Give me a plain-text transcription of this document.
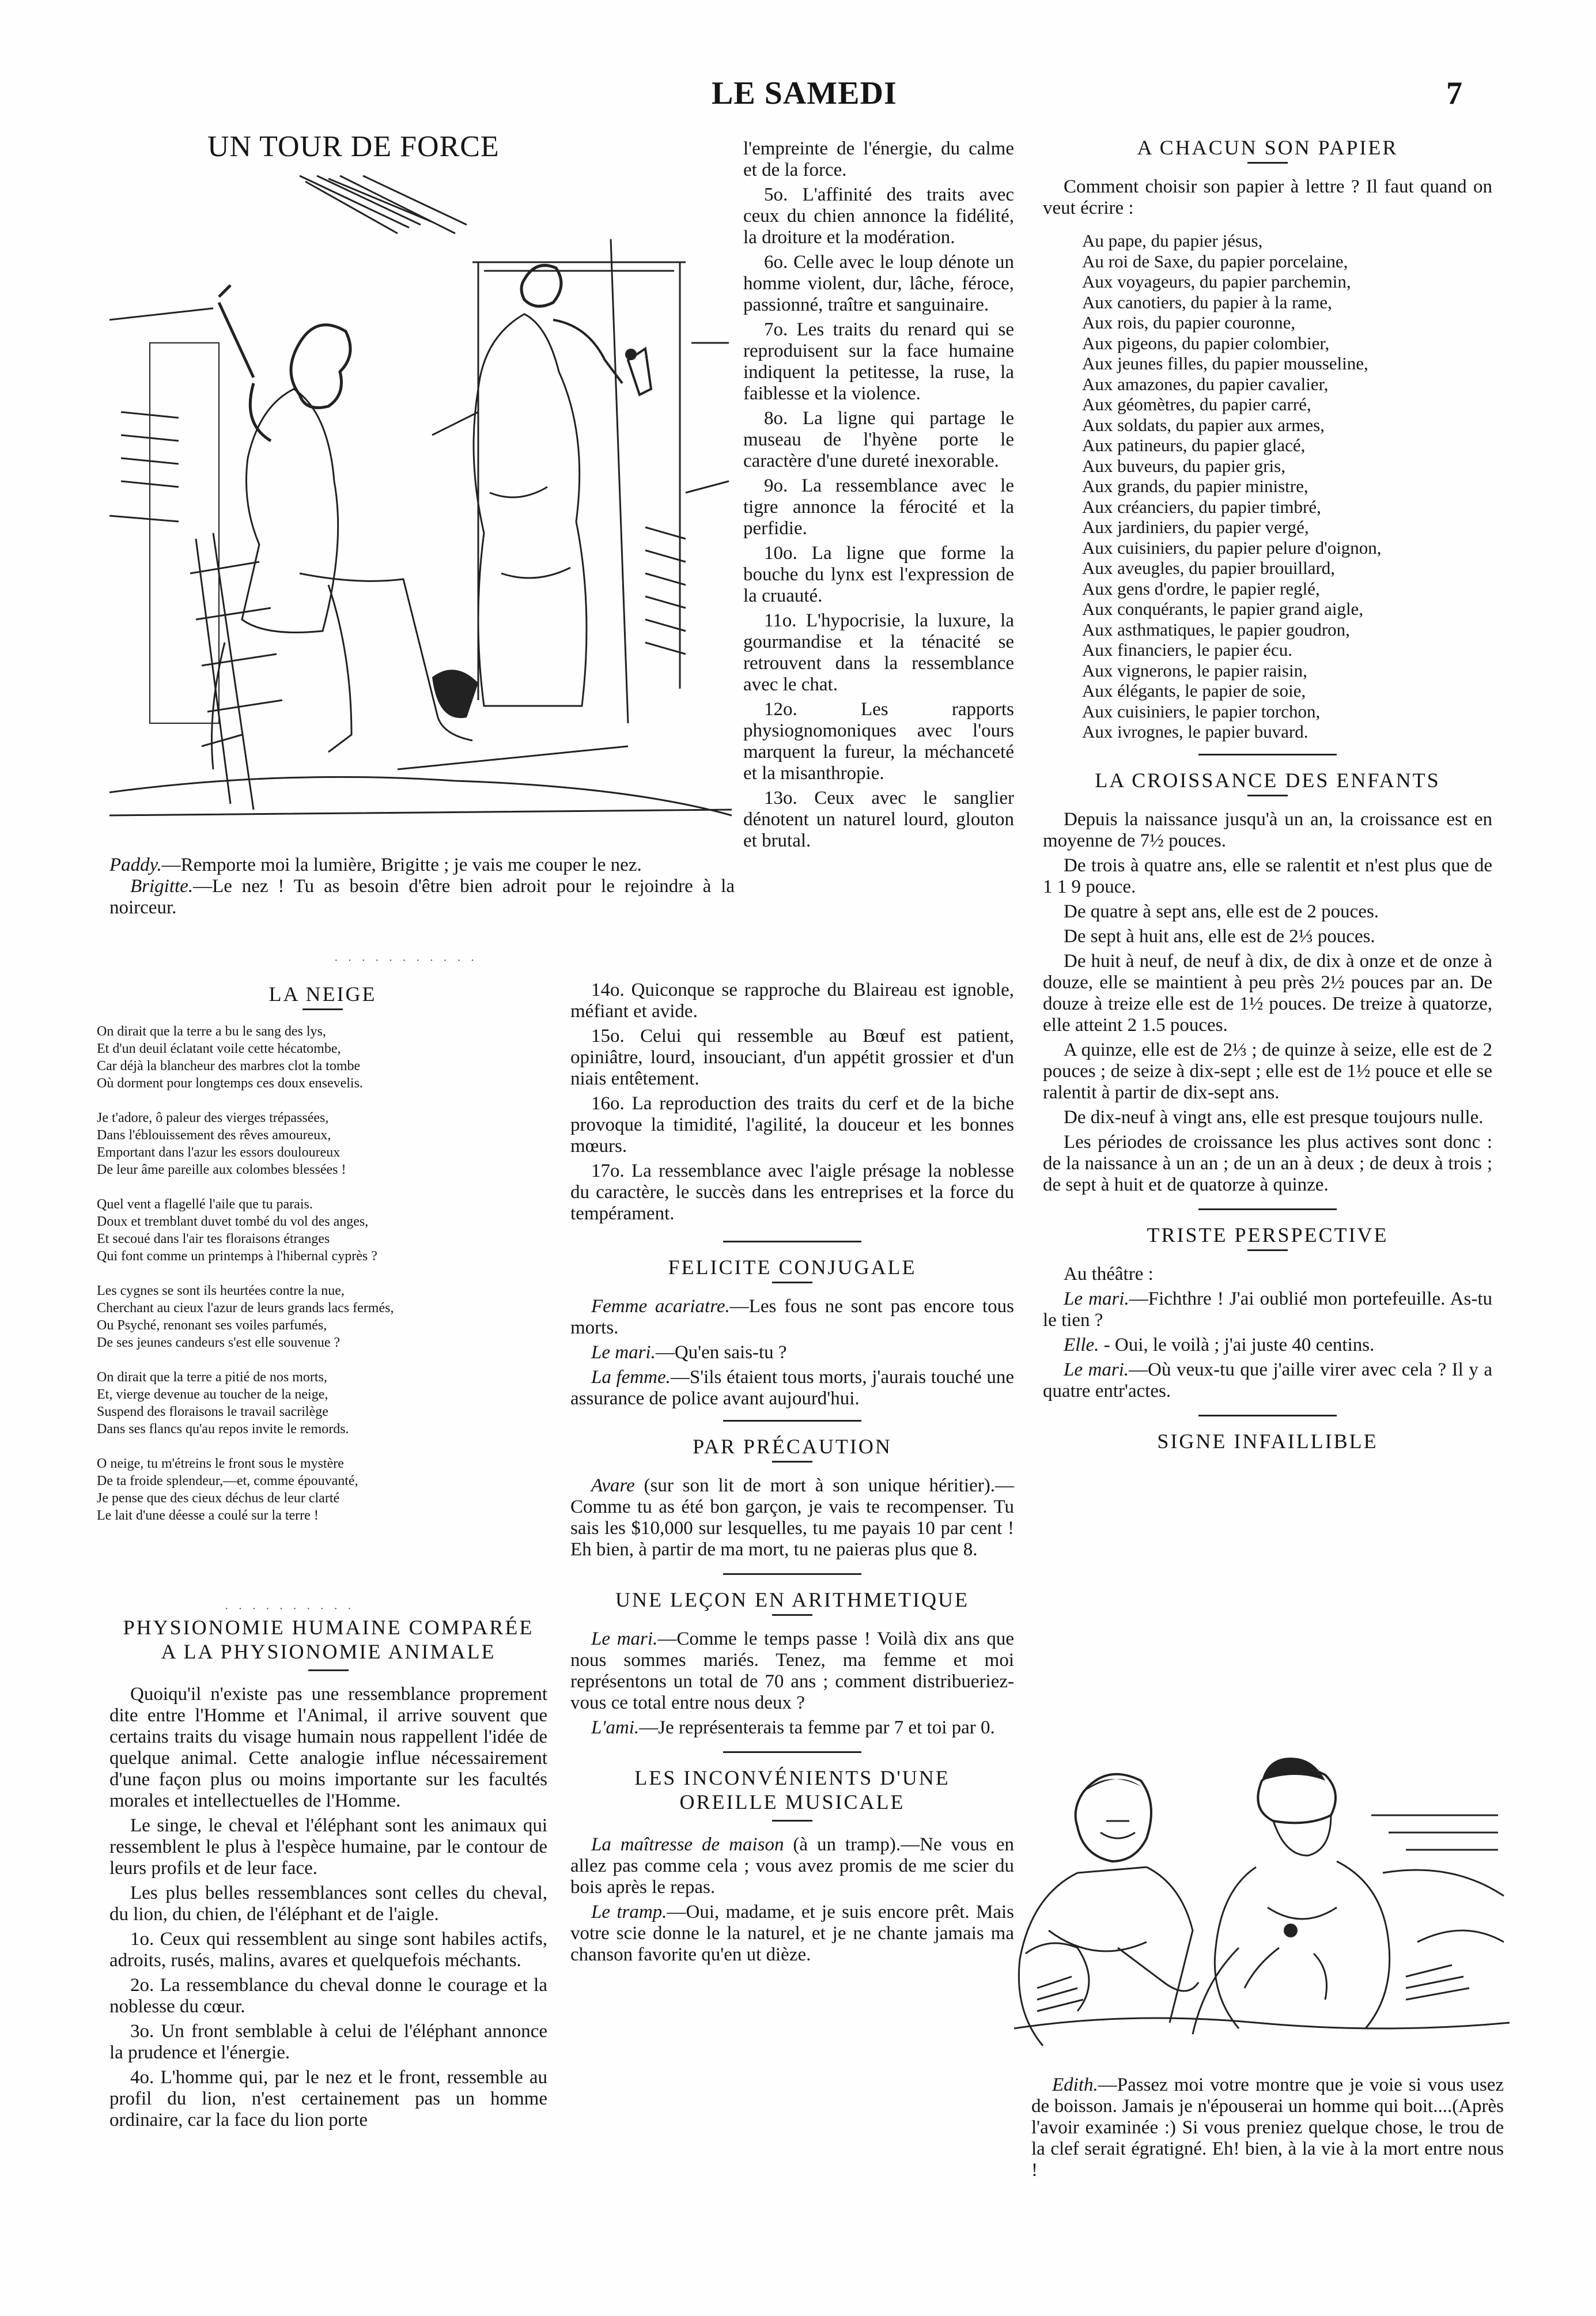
LE SAMEDI	7
UN TOUR DE FORCE

Paddy.—Remporte moi la lumière, Brigitte ; je vais me couper le nez.

Brigitte.—Le nez ! Tu as besoin d'être bien adroit pour le rejoindre à la noirceur.

· · · · · · · · · · ·
LA NEIGE
On dirait que la terre a bu le sang des lys,
Et d'un deuil éclatant voile cette hécatombe,
Car déjà la blancheur des marbres clot la tombe
Où dorment pour longtemps ces doux ensevelis.
Je t'adore, ô paleur des vierges trépassées,
Dans l'éblouissement des rêves amoureux,
Emportant dans l'azur les essors douloureux
De leur âme pareille aux colombes blessées !
Quel vent a flagellé l'aile que tu parais.
Doux et tremblant duvet tombé du vol des anges,
Et secoué dans l'air tes floraisons étranges
Qui font comme un printemps à l'hibernal cyprès ?
Les cygnes se sont ils heurtées contre la nue,
Cherchant au cieux l'azur de leurs grands lacs fermés,
Ou Psyché, renonant ses voiles parfumés,
De ses jeunes candeurs s'est elle souvenue ?
On dirait que la terre a pitié de nos morts,
Et, vierge devenue au toucher de la neige,
Suspend des floraisons le travail sacrilège
Dans ses flancs qu'au repos invite le remords.
O neige, tu m'étreins le front sous le mystère
De ta froide splendeur,—et, comme épouvanté,
Je pense que des cieux déchus de leur clarté
Le lait d'une déesse a coulé sur la terre !
· · · · · · · · · ·
PHYSIONOMIE HUMAINE COMPARÉE
A LA PHYSIONOMIE ANIMALE

Quoiqu'il n'existe pas une ressemblance proprement dite entre l'Homme et l'Animal, il arrive souvent que certains traits du visage humain nous rappellent l'idée de quelque animal. Cette analogie influe nécessairement d'une façon plus ou moins importante sur les facultés morales et intellectuelles de l'Homme.

Le singe, le cheval et l'éléphant sont les animaux qui ressemblent le plus à l'espèce humaine, par le contour de leurs profils et de leur face.

Les plus belles ressemblances sont celles du cheval, du lion, du chien, de l'éléphant et de l'aigle.

1o. Ceux qui ressemblent au singe sont habiles actifs, adroits, rusés, malins, avares et quelquefois méchants.

2o. La ressemblance du cheval donne le courage et la noblesse du cœur.

3o. Un front semblable à celui de l'éléphant annonce la prudence et l'énergie.

4o. L'homme qui, par le nez et le front, ressemble au profil du lion, n'est certainement pas un homme ordinaire, car la face du lion porte

l'empreinte de l'énergie, du calme et de la force.

5o. L'affinité des traits avec ceux du chien annonce la fidélité, la droiture et la modération.

6o. Celle avec le loup dénote un homme violent, dur, lâche, féroce, passionné, traître et sanguinaire.

7o. Les traits du renard qui se reproduisent sur la face humaine indiquent la petitesse, la ruse, la faiblesse et la violence.

8o. La ligne qui partage le museau de l'hyène porte le caractère d'une dureté inexorable.

9o. La ressemblance avec le tigre annonce la férocité et la perfidie.

10o. La ligne que forme la bouche du lynx est l'expression de la cruauté.

11o. L'hypocrisie, la luxure, la gourmandise et la ténacité se retrouvent dans la ressemblance avec le chat.

12o. Les rapports physiognomoniques avec l'ours marquent la fureur, la méchanceté et la misanthropie.

13o. Ceux avec le sanglier dénotent un naturel lourd, glouton et brutal.

14o. Quiconque se rapproche du Blaireau est ignoble, méfiant et avide.

15o. Celui qui ressemble au Bœuf est patient, opiniâtre, lourd, insouciant, d'un appétit grossier et d'un niais entêtement.

16o. La reproduction des traits du cerf et de la biche provoque la timidité, l'agilité, la douceur et les bonnes mœurs.

17o. La ressemblance avec l'aigle présage la noblesse du caractère, le succès dans les entreprises et la force du tempérament.

FELICITE CONJUGALE

Femme acariatre.—Les fous ne sont pas encore tous morts.

Le mari.—Qu'en sais-tu ?

La femme.—S'ils étaient tous morts, j'aurais touché une assurance de police avant aujourd'hui.

PAR PRÉCAUTION

Avare (sur son lit de mort à son unique héritier).—Comme tu as été bon garçon, je vais te recompenser. Tu sais les $10,000 sur lesquelles, tu me payais 10 par cent ! Eh bien, à partir de ma mort, tu ne paieras plus que 8.

UNE LEÇON EN ARITHMETIQUE

Le mari.—Comme le temps passe ! Voilà dix ans que nous sommes mariés. Tenez, ma femme et moi représentons un total de 70 ans ; comment distribueriez-vous ce total entre nous deux ?

L'ami.—Je représenterais ta femme par 7 et toi par 0.

LES INCONVÉNIENTS D'UNE
OREILLE MUSICALE

La maîtresse de maison (à un tramp).—Ne vous en allez pas comme cela ; vous avez promis de me scier du bois après le repas.

Le tramp.—Oui, madame, et je suis encore prêt. Mais votre scie donne le la naturel, et je ne chante jamais ma chanson favorite qu'en ut dièze.

A CHACUN SON PAPIER

Comment choisir son papier à lettre ? Il faut quand on veut écrire :

Au pape, du papier jésus,
Au roi de Saxe, du papier porcelaine,
Aux voyageurs, du papier parchemin,
Aux canotiers, du papier à la rame,
Aux rois, du papier couronne,
Aux pigeons, du papier colombier,
Aux jeunes filles, du papier mousseline,
Aux amazones, du papier cavalier,
Aux géomètres, du papier carré,
Aux soldats, du papier aux armes,
Aux patineurs, du papier glacé,
Aux buveurs, du papier gris,
Aux grands, du papier ministre,
Aux créanciers, du papier timbré,
Aux jardiniers, du papier vergé,
Aux cuisiniers, du papier pelure d'oignon,
Aux aveugles, du papier brouillard,
Aux gens d'ordre, le papier reglé,
Aux conquérants, le papier grand aigle,
Aux asthmatiques, le papier goudron,
Aux financiers, le papier écu.
Aux vignerons, le papier raisin,
Aux élégants, le papier de soie,
Aux cuisiniers, le papier torchon,
Aux ivrognes, le papier buvard.
LA CROISSANCE DES ENFANTS

Depuis la naissance jusqu'à un an, la croissance est en moyenne de 7½ pouces.

De trois à quatre ans, elle se ralentit et n'est plus que de 1 1 9 pouce.

De quatre à sept ans, elle est de 2 pouces.

De sept à huit ans, elle est de 2⅓ pouces.

De huit à neuf, de neuf à dix, de dix à onze et de onze à douze, elle se maintient à peu près 2½ pouces par an. De douze à treize elle est de 1½ pouces. De treize à quatorze, elle atteint 2 1.5 pouces.

A quinze, elle est de 2⅓ ; de quinze à seize, elle est de 2 pouces ; de seize à dix-sept ; elle est de 1½ pouce et elle se ralentit à partir de dix-sept ans.

De dix-neuf à vingt ans, elle est presque toujours nulle.

Les périodes de croissance les plus actives sont donc : de la naissance à un an ; de un an à deux ; de deux à trois ; de sept à huit et de quatorze à quinze.

TRISTE PERSPECTIVE

Au théâtre :

Le mari.—Fichthre ! J'ai oublié mon portefeuille. As-tu le tien ?

Elle. - Oui, le voilà ; j'ai juste 40 centins.

Le mari.—Où veux-tu que j'aille virer avec cela ? Il y a quatre entr'actes.

SIGNE INFAILLIBLE

Edith.—Passez moi votre montre que je voie si vous usez de boisson. Jamais je n'épouserai un homme qui boit....(Après l'avoir examinée :) Si vous preniez quelque chose, le trou de la clef serait égratigné. Eh! bien, à la vie à la mort entre nous !
